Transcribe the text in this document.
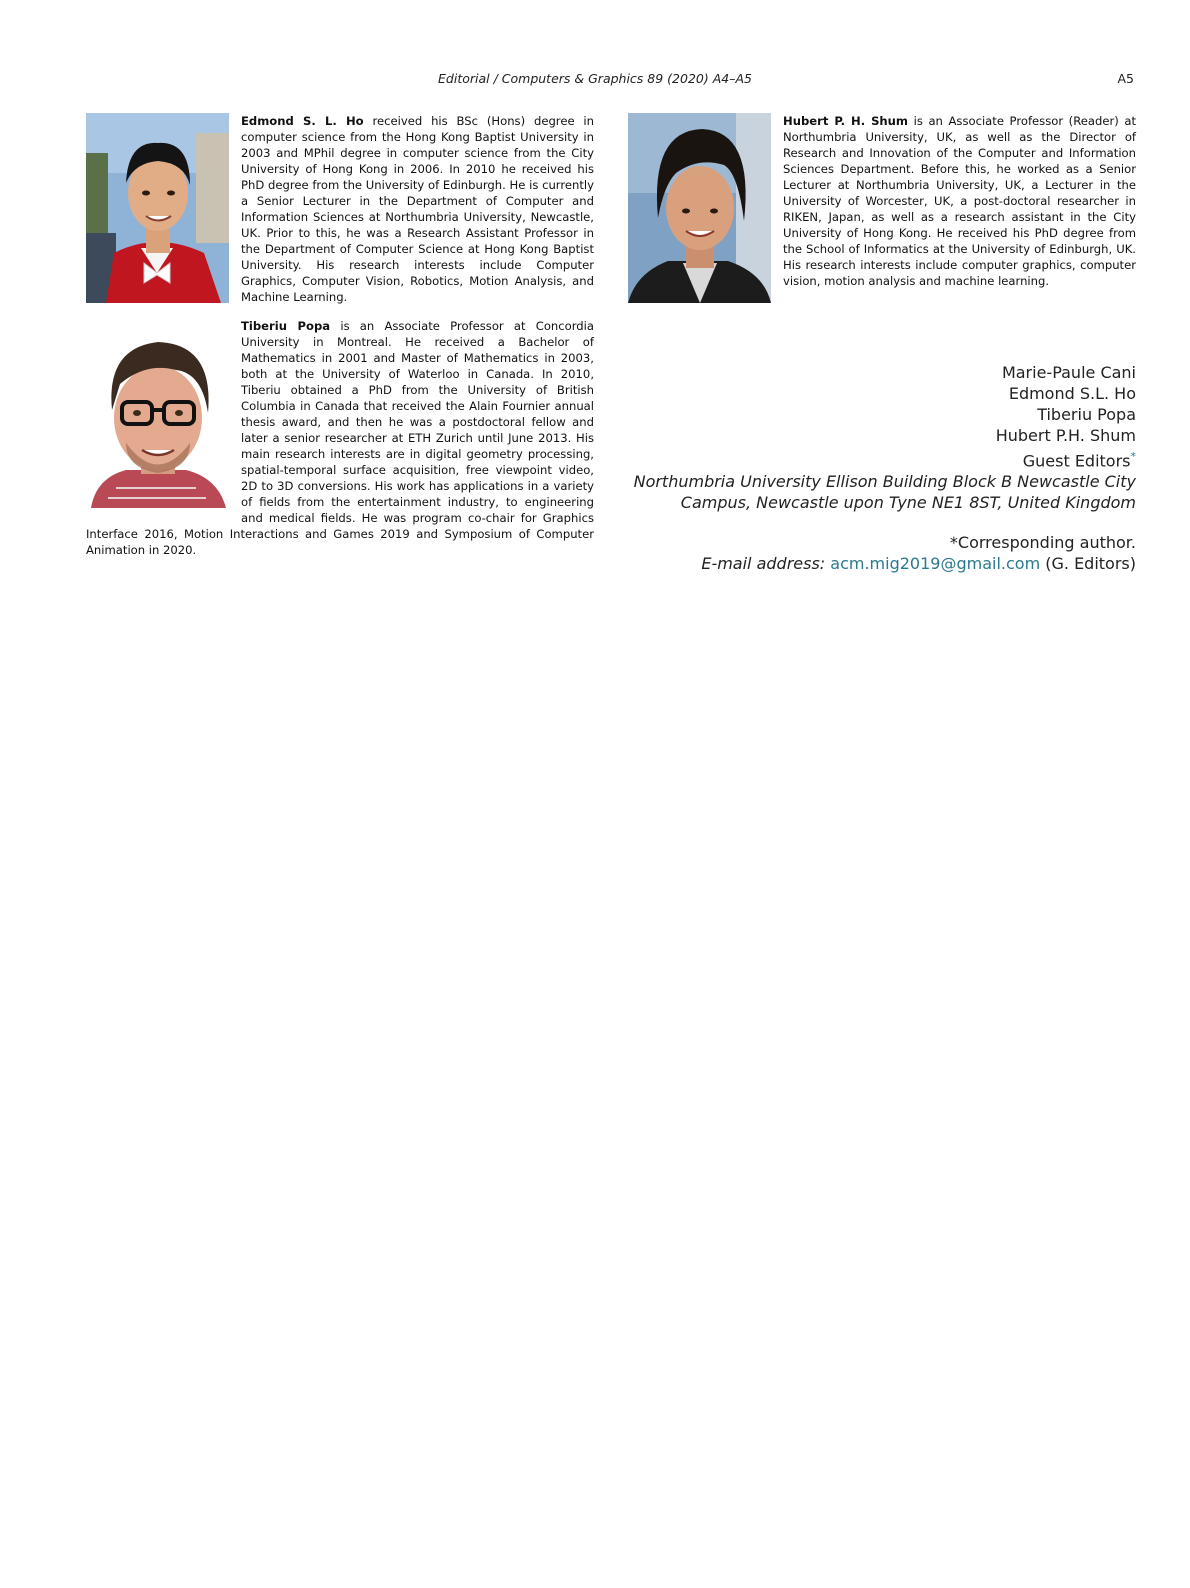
Editorial / Computers & Graphics 89 (2020) A4–A5	A5

Edmond S. L. Ho received his BSc (Hons) degree in computer science from the Hong Kong Baptist University in 2003 and MPhil degree in computer science from the City University of Hong Kong in 2006. In 2010 he received his PhD degree from the University of Edinburgh. He is currently a Senior Lecturer in the Department of Computer and Information Sciences at Northumbria University, Newcastle, UK. Prior to this, he was a Research Assistant Professor in the Department of Computer Science at Hong Kong Baptist University. His research interests include Computer Graphics, Computer Vision, Robotics, Motion Analysis, and Machine Learning.

Tiberiu Popa is an Associate Professor at Concordia University in Montreal. He received a Bachelor of Mathematics in 2001 and Master of Mathematics in 2003, both at the University of Waterloo in Canada. In 2010, Tiberiu obtained a PhD from the University of British Columbia in Canada that received the Alain Fournier annual thesis award, and then he was a postdoctoral fellow and later a senior researcher at ETH Zurich until June 2013. His main research interests are in digital geometry processing, spatial-temporal surface acquisition, free viewpoint video, 2D to 3D conversions. His work has applications in a variety of fields from the entertainment industry, to engineering and medical fields. He was program co-chair for Graphics Interface 2016, Motion Interactions and Games 2019 and Symposium of Computer Animation in 2020.

Hubert P. H. Shum is an Associate Professor (Reader) at Northumbria University, UK, as well as the Director of Research and Innovation of the Computer and Information Sciences Department. Before this, he worked as a Senior Lecturer at Northumbria University, UK, a Lecturer in the University of Worcester, UK, a post-doctoral researcher in RIKEN, Japan, as well as a research assistant in the City University of Hong Kong. He received his PhD degree from the School of Informatics at the University of Edinburgh, UK. His research interests include computer graphics, computer vision, motion analysis and machine learning.

Marie-Paule Cani
Edmond S.L. Ho
Tiberiu Popa
Hubert P.H. Shum
Guest Editors*
Northumbria University Ellison Building Block B Newcastle City
Campus, Newcastle upon Tyne NE1 8ST, United Kingdom
*Corresponding author.
E-mail address: acm.mig2019@gmail.com (G. Editors)
